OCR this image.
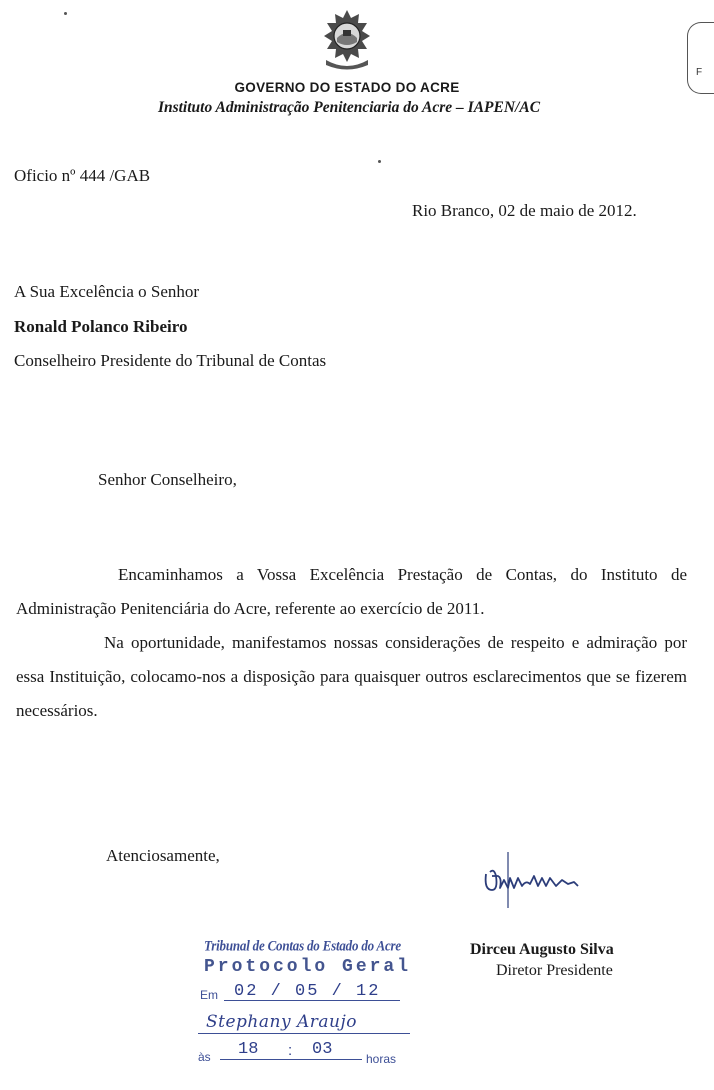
GOVERNO DO ESTADO DO ACRE
Instituto Administração Penitenciaria do Acre – IAPEN/AC
F
Oficio nº 444 /GAB
Rio Branco, 02 de maio de 2012.
A Sua Excelência o Senhor
Ronald Polanco Ribeiro
Conselheiro Presidente do Tribunal de Contas
Senhor Conselheiro,
Encaminhamos a Vossa Excelência Prestação de Contas, do Instituto de Administração Penitenciária do Acre, referente ao exercício de 2011.
Na oportunidade, manifestamos nossas considerações de respeito e admiração por essa Instituição, colocamo-nos a disposição para quaisquer outros esclarecimentos que se fizerem necessários.
Atenciosamente,
Dirceu Augusto Silva
Diretor Presidente
Tribunal de Contas do Estado do Acre
Protocolo Geral
Em 02 / 05 / 12
Stephany Araujo
às 18 : 03	horas
